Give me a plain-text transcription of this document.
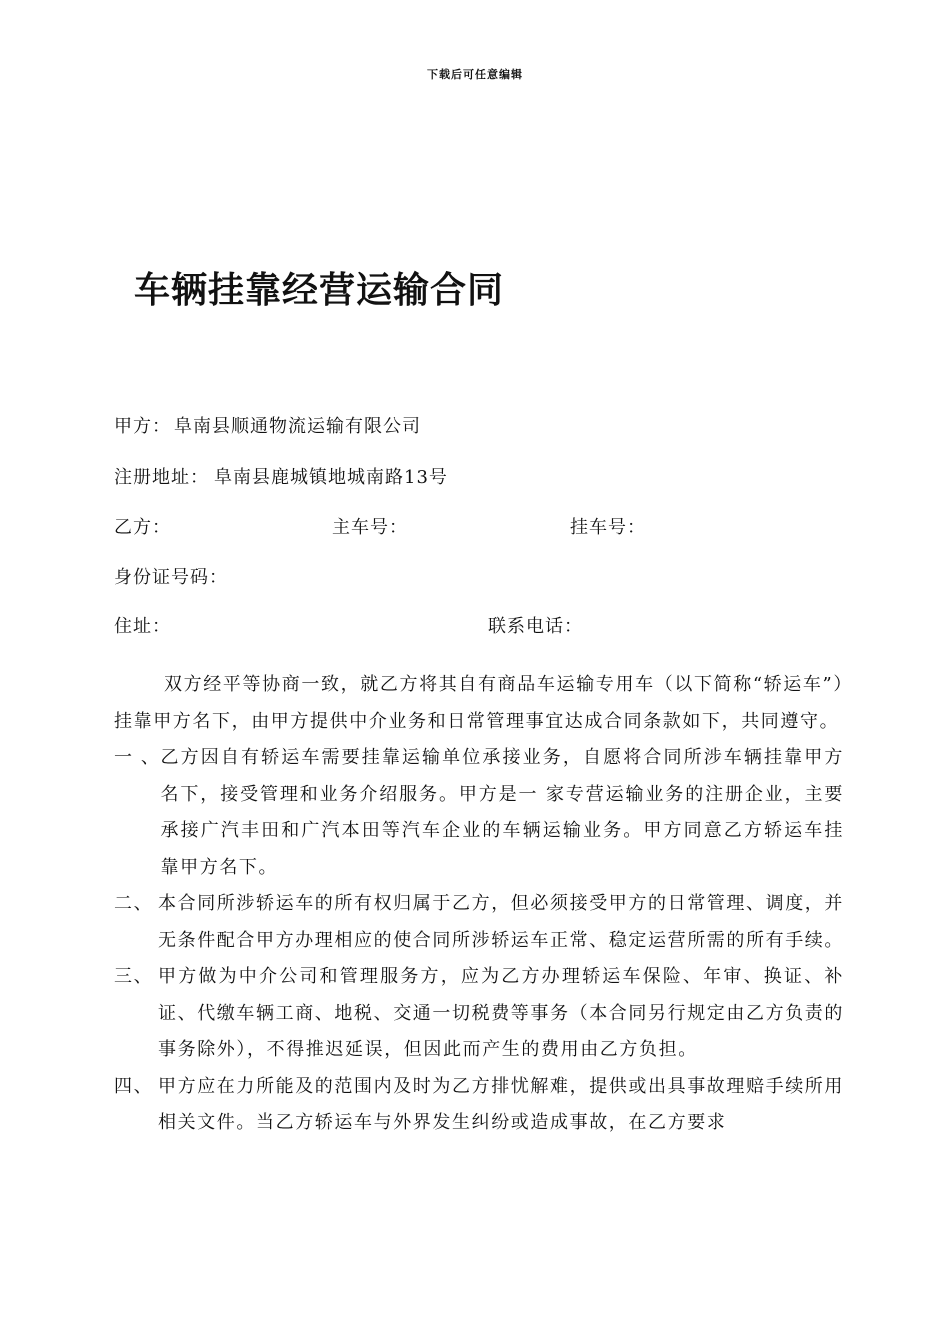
下载后可任意编辑
车辆挂靠经营运输合同
甲方： 阜南县顺通物流运输有限公司
注册地址： 阜南县鹿城镇地城南路13号
乙方：	主车号：	挂车号：
身份证号码：
住址：	联系电话：

双方经平等协商一致，就乙方将其自有商品车运输专用车（以下简称“轿运车”）挂靠甲方名下，由甲方提供中介业务和日常管理事宜达成合同条款如下，共同遵守。

一 、 乙方因自有轿运车需要挂靠运输单位承接业务，自愿将合同所涉车辆挂靠甲方名下，接受管理和业务介绍服务。甲方是一 家专营运输业务的注册企业，主要承接广汽丰田和广汽本田等汽车企业的车辆运输业务。甲方同意乙方轿运车挂靠甲方名下。
二、 本合同所涉轿运车的所有权归属于乙方，但必须接受甲方的日常管理、调度，并无条件配合甲方办理相应的使合同所涉轿运车正常、稳定运营所需的所有手续。
三、 甲方做为中介公司和管理服务方，应为乙方办理轿运车保险、年审、换证、补证、代缴车辆工商、地税、交通一切税费等事务（本合同另行规定由乙方负责的事务除外），不得推迟延误，但因此而产生的费用由乙方负担。
四、 甲方应在力所能及的范围内及时为乙方排忧解难，提供或出具事故理赔手续所用相关文件。当乙方轿运车与外界发生纠纷或造成事故，在乙方要求
